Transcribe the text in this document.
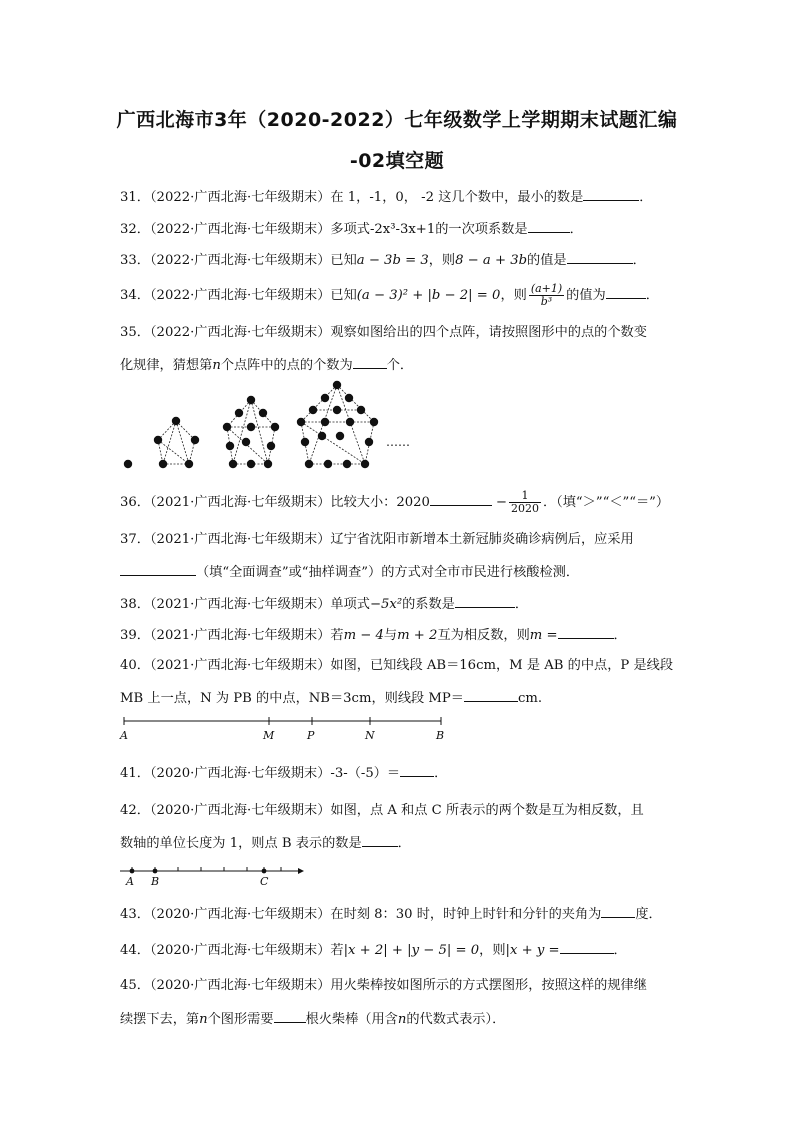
广西北海市3年（2020-2022）七年级数学上学期期末试题汇编
-02填空题
31．（2022·广西北海·七年级期末）在 1，-1，0， -2 这几个数中，最小的数是	．
32．（2022·广西北海·七年级期末）多项式-2x³-3x+1的一次项系数是	．
33．（2022·广西北海·七年级期末）已知a − 3b = 3，则8 − a + 3b的值是	．
34．（2022·广西北海·七年级期末）已知(a − 3)² + |b − 2| = 0，则 $\frac{(a+1)}{\text{b³}}$ 的值为	．
35．（2022·广西北海·七年级期末）观察如图给出的四个点阵，请按照图形中的点的个数变
化规律，猜想第n个点阵中的点的个数为	个．
……
36．（2021·广西北海·七年级期末）比较大小：2020	− $\frac{1}{2020}$ ．（填“＞”“＜”“＝”）
37．（2021·广西北海·七年级期末）辽宁省沈阳市新增本土新冠肺炎确诊病例后，应采用
（填“全面调查”或“抽样调查”）的方式对全市市民进行核酸检测．
38．（2021·广西北海·七年级期末）单项式−5x²的系数是	．
39．（2021·广西北海·七年级期末）若m − 4与m + 2互为相反数，则m =	．
40．（2021·广西北海·七年级期末）如图，已知线段 AB＝16cm，M 是 AB 的中点，P 是线段
MB 上一点，N 为 PB 的中点，NB＝3cm，则线段 MP＝	cm.
A	M	P	N	B
41．（2020·广西北海·七年级期末）-3-（-5）＝	．
42．（2020·广西北海·七年级期末）如图，点 A 和点 C 所表示的两个数是互为相反数，且
数轴的单位长度为 1，则点 B 表示的数是	．
A B	C
43．（2020·广西北海·七年级期末）在时刻 8：30 时，时钟上时针和分针的夹角为	度．
44．（2020·广西北海·七年级期末）若|x + 2| + |y − 5| = 0，则|x + y =	．
45．（2020·广西北海·七年级期末）用火柴棒按如图所示的方式摆图形，按照这样的规律继
续摆下去，第n个图形需要 根火柴棒（用含n的代数式表示）．
